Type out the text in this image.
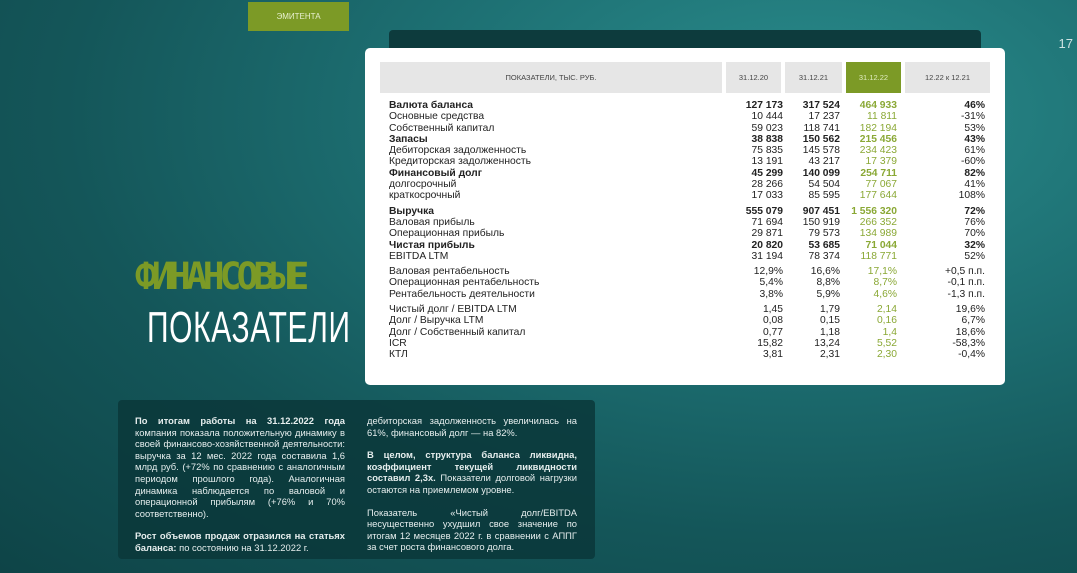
ЭМИТЕНТА
17
ПОКАЗАТЕЛИ, ТЫС. РУБ.	31.12.20	31.12.21	31.12.22	12.22 к 12.21
Валюта баланса	127 173	317 524	464 933	46%
Основные средства	10 444	17 237	11 811	-31%
Собственный капитал	59 023	118 741	182 194	53%
Запасы	38 838	150 562	215 456	43%
Дебиторская задолженность	75 835	145 578	234 423	61%
Кредиторская задолженность	13 191	43 217	17 379	-60%
Финансовый долг	45 299	140 099	254 711	82%
долгосрочный	28 266	54 504	77 067	41%
краткосрочный	17 033	85 595	177 644	108%
Выручка	555 079	907 451	1 556 320	72%
Валовая прибыль	71 694	150 919	266 352	76%
Операционная прибыль	29 871	79 573	134 989	70%
Чистая прибыль	20 820	53 685	71 044	32%
EBITDA LTM	31 194	78 374	118 771	52%
Валовая рентабельность	12,9%	16,6%	17,1%	+0,5 п.п.
Операционная рентабельность	5,4%	8,8%	8,7%	-0,1 п.п.
Рентабельность деятельности	3,8%	5,9%	4,6%	-1,3 п.п.
Чистый долг / EBITDA LTM	1,45	1,79	2,14	19,6%
Долг / Выручка LTM	0,08	0,15	0,16	6,7%
Долг / Собственный капитал	0,77	1,18	1,4	18,6%
ICR	15,82	13,24	5,52	-58,3%
КТЛ	3,81	2,31	2,30	-0,4%
ФИНАНСОВЫЕ
ПОКАЗАТЕЛИ

По итогам работы на 31.12.2022 года компания показала положительную динамику в своей финансово-хозяйственной деятельности: выручка за 12 мес. 2022 года составила 1,6 млрд руб. (+72% по сравнению с аналогичным периодом прошлого года). Аналогичная динамика наблюдается по валовой и операционной прибылям (+76% и 70% соответственно).

Рост объемов продаж отразился на статьях баланса: по состоянию на 31.12.2022 г.

дебиторская задолженность увеличилась на 61%, финансовый долг — на 82%.

В целом, структура баланса ликвидна, коэффициент текущей ликвидности составил 2,3х. Показатели долговой нагрузки остаются на приемлемом уровне.

Показатель «Чистый долг/EBITDA несущественно ухудшил свое значение по итогам 12 месяцев 2022 г. в сравнении с АППГ за счет роста финансового долга.
